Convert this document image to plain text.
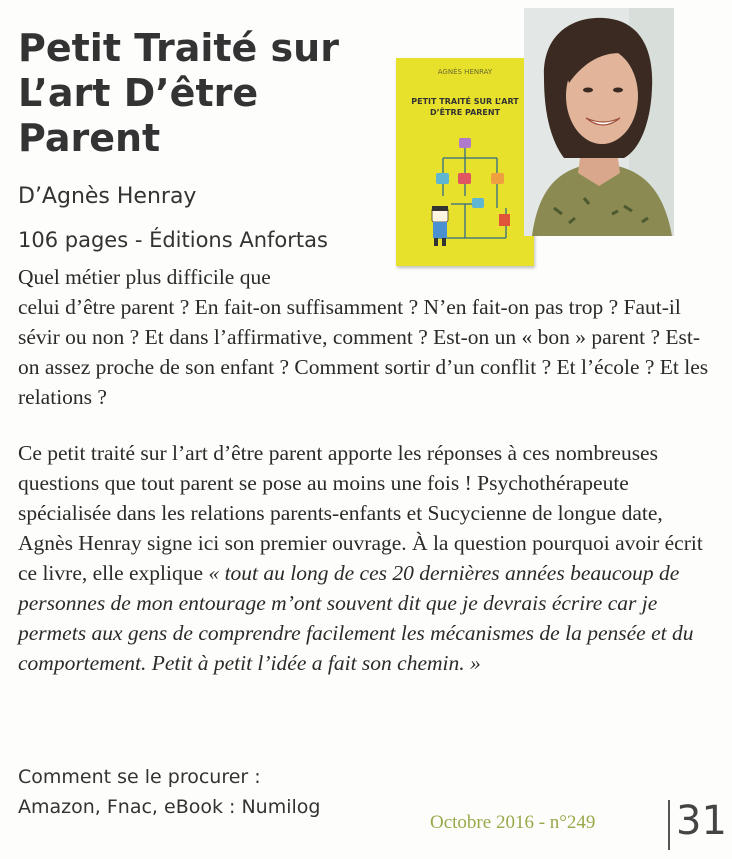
Petit Traité sur L’art D’être Parent

D’Agnès Henray

106 pages - Éditions Anfortas

AGNÈS HENRAY
PETIT TRAITÉ SUR L’ART D’ÊTRE PARENT

Quel métier plus difficile que
celui d’être parent ? En fait-on suffisamment ? N’en fait-on pas trop ? Faut-il sévir ou non ? Et dans l’affirmative, comment ? Est-on un « bon » parent ? Est-on assez proche de son enfant ? Comment sortir d’un conflit ? Et l’école ? Et les relations ?

Ce petit traité sur l’art d’être parent apporte les réponses à ces nombreuses questions que tout parent se pose au moins une fois ! Psychothérapeute spécialisée dans les relations parents-enfants et Sucycienne de longue date, Agnès Henray signe ici son premier ouvrage. À la question pourquoi avoir écrit ce livre, elle explique « tout au long de ces 20 dernières années beaucoup de personnes de mon entourage m’ont souvent dit que je devrais écrire car je permets aux gens de comprendre facilement les mécanismes de la pensée et du comportement. Petit à petit l’idée a fait son chemin. »

Comment se le procurer :
Amazon, Fnac, eBook : Numilog

Octobre 2016 - n°249 31
